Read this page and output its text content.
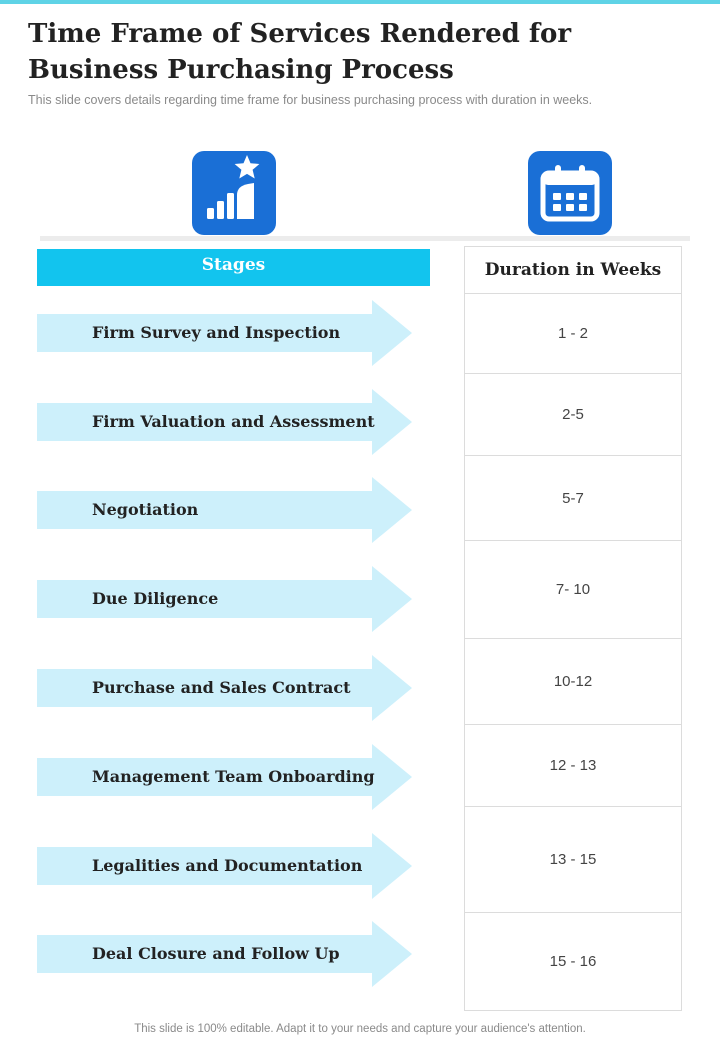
Time Frame of Services Rendered for Business Purchasing Process
This slide covers details regarding time frame for business purchasing process with duration in weeks.
Stages
Firm Survey and Inspection
Firm Valuation and Assessment
Negotiation
Due Diligence
Purchase and Sales Contract
Management Team Onboarding
Legalities and Documentation
Deal Closure and Follow Up
Duration in Weeks
1 - 2
2-5
5-7
7- 10
10-12
12 - 13
13 - 15
15 - 16
This slide is 100% editable. Adapt it to your needs and capture your audience's attention.
